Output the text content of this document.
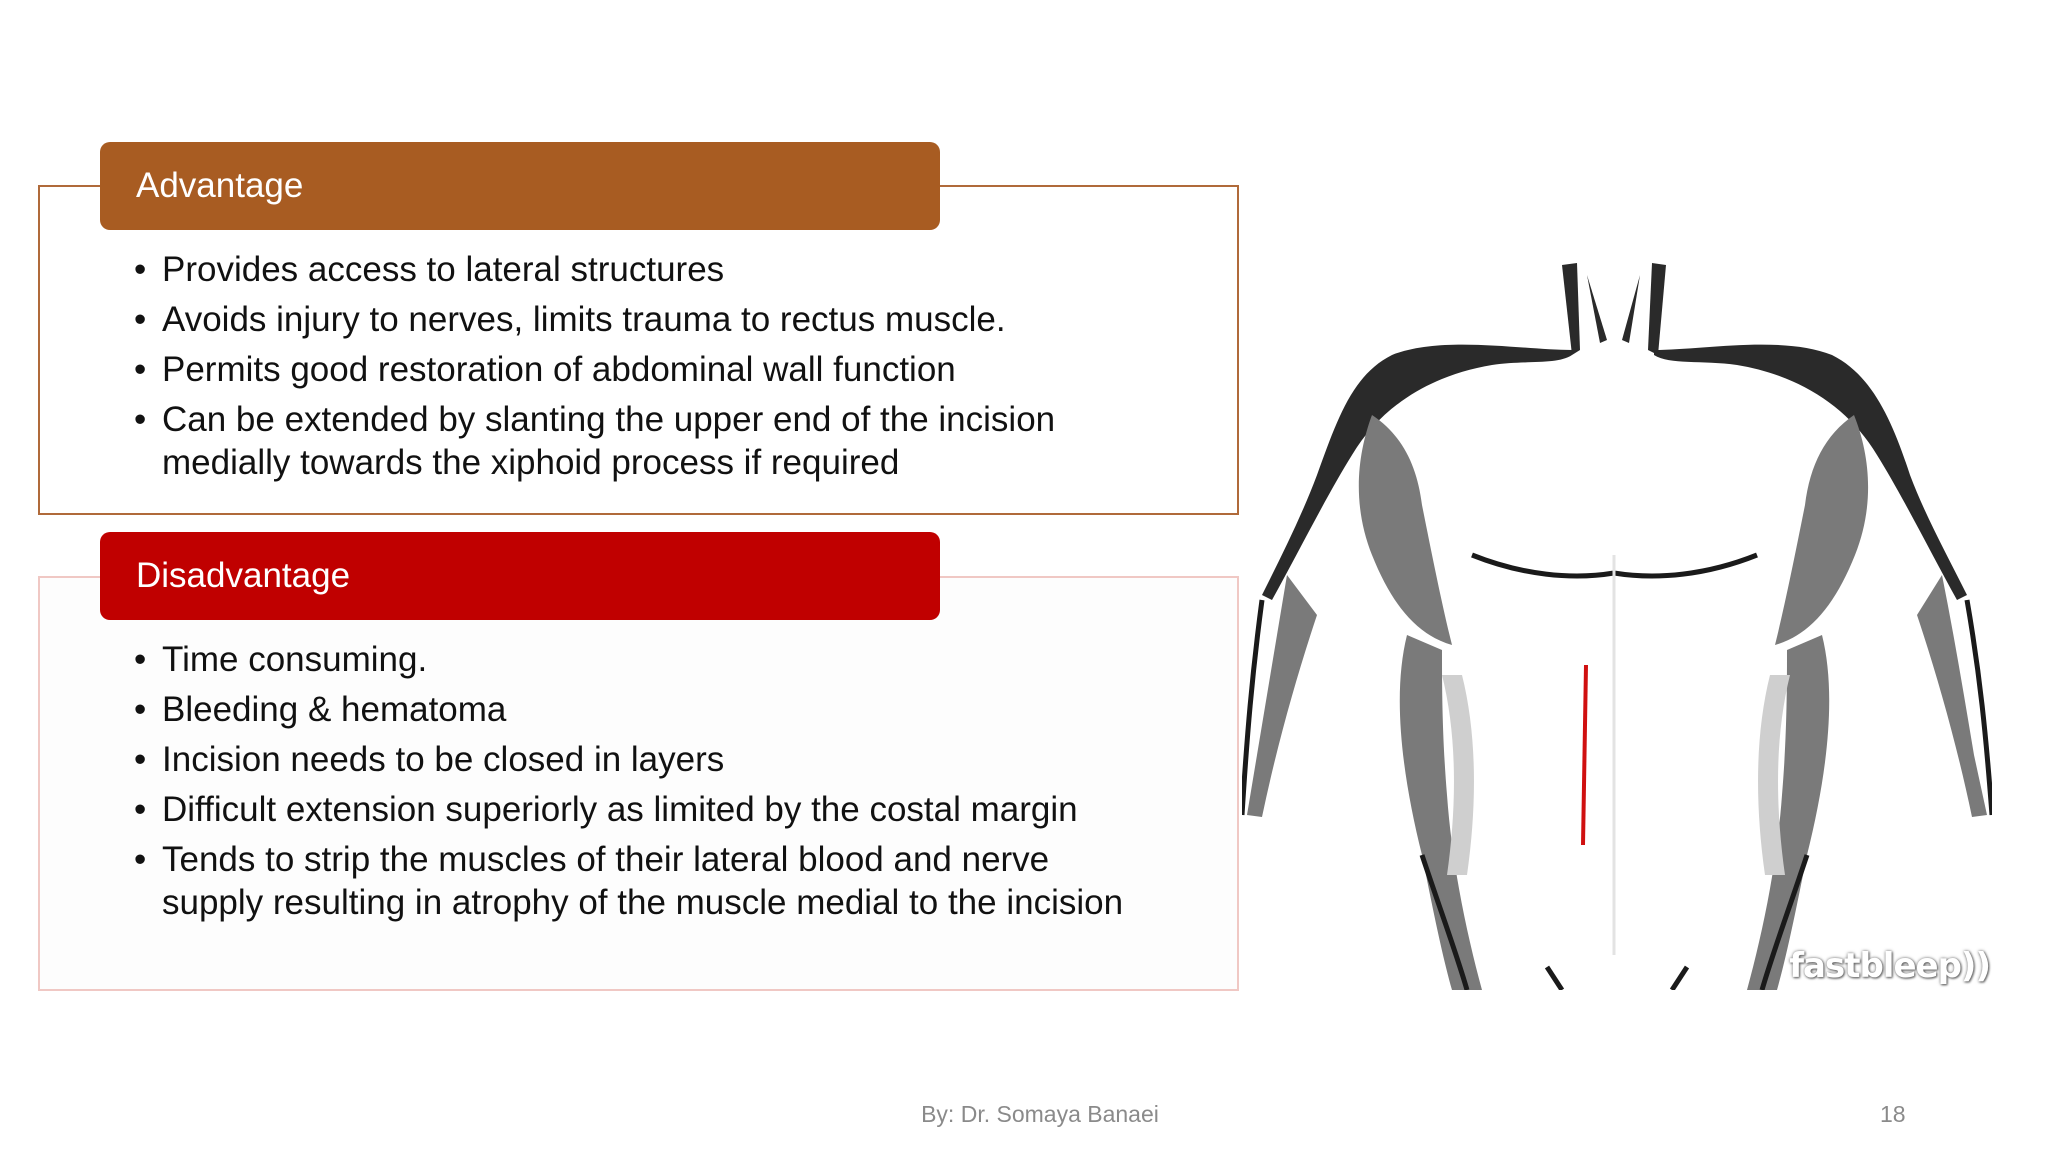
Advantage
• Provides access to lateral structures
• Avoids injury to nerves, limits trauma to rectus muscle.
• Permits good restoration of abdominal wall function
• Can be extended by slanting the upper end of the incision medially towards the xiphoid process if required
Disadvantage
• Time consuming.
• Bleeding & hematoma
• Incision needs to be closed in layers
• Difficult extension superiorly as limited by the costal margin
• Tends to strip the muscles of their lateral blood and nerve supply resulting in atrophy of the muscle medial to the incision
fastbleep))
By: Dr. Somaya Banaei	18
